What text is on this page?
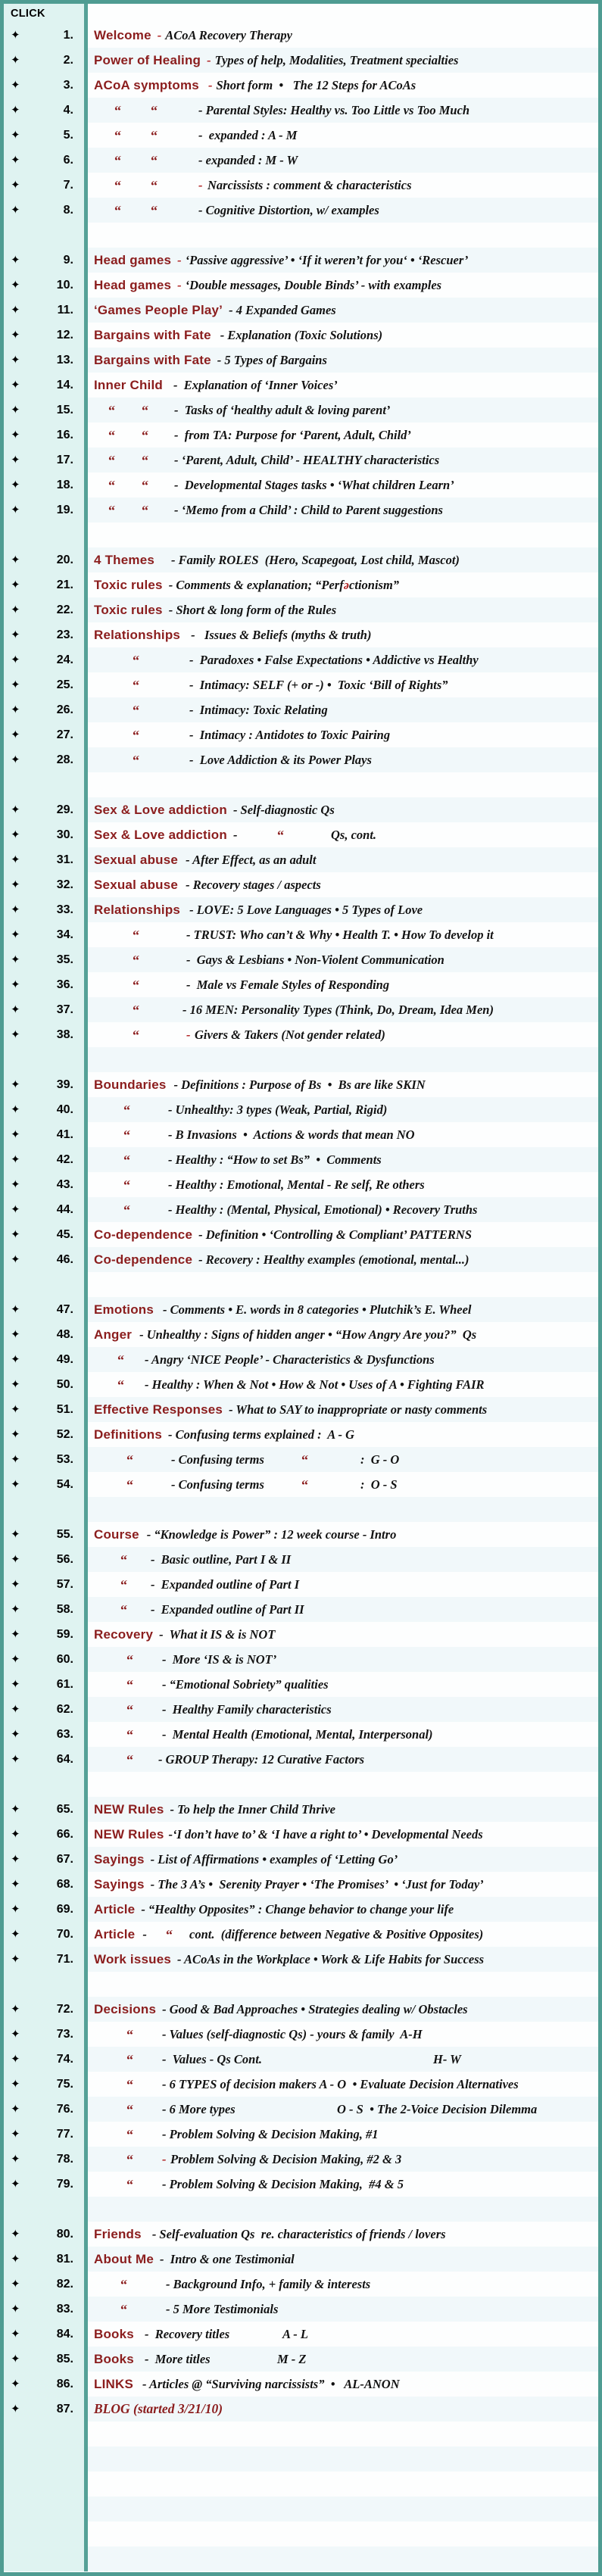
CLICK
✦	1. Welcome - ACoA Recovery Therapy
✦	2. Power of Healing - Types of help, Modalities, Treatment specialties
✦	3. ACoA symptoms - Short form  •   The 12 Steps for ACoAs
✦	4.	“ “	- Parental Styles: Healthy vs. Too Little vs Too Much
✦	5.	“ “	-  expanded : A - M
✦	6.	“ “	- expanded : M - W
✦	7.	“ “	- Narcissists : comment & characteristics
✦	8.	“ “	- Cognitive Distortion, w/ examples
✦	9. Head games - ‘Passive aggressive’ • ‘If it weren’t for you‘ • ‘Rescuer’
✦	10. Head games - ‘Double messages, Double Binds’ - with examples
✦	11. ‘Games People Play’ - 4 Expanded Games
✦	12. Bargains with Fate - Explanation (Toxic Solutions)
✦	13. Bargains with Fate - 5 Types of Bargains
✦	14. Inner Child -  Explanation of ‘Inner Voices’
✦	15.	“ “ -  Tasks of ‘healthy adult & loving parent’
✦	16.	“ “ -  from TA: Purpose for ‘Parent, Adult, Child’
✦	17.	“ “ - ‘Parent, Adult, Child’ - HEALTHY characteristics
✦	18.	“ “ -  Developmental Stages tasks • ‘What children Learn’
✦	19.	“ “ - ‘Memo from a Child’ : Child to Parent suggestions
✦	20. 4 Themes - Family ROLES  (Hero, Scapegoat, Lost child, Mascot)
✦	21. Toxic rules - Comments & explanation; “Perf ǝ ctionism”
✦	22. Toxic rules - Short & long form of the Rules
✦	23. Relationships -   Issues & Beliefs (myths & truth)
✦	24.	“	-  Paradoxes • False Expectations • Addictive vs Healthy
✦	25.	“	-  Intimacy: SELF (+ or -) •  Toxic ‘Bill of Rights”
✦	26.	“	-  Intimacy: Toxic Relating
✦	27.	“	-  Intimacy : Antidotes to Toxic Pairing
✦	28.	“	-  Love Addiction & its Power Plays
✦	29. Sex & Love addiction - Self-diagnostic Qs
✦	30. Sex & Love addiction -	“	Qs, cont.
✦	31. Sexual abuse - After Effect, as an adult
✦	32. Sexual abuse - Recovery stages / aspects
✦	33. Relationships - LOVE: 5 Love Languages • 5 Types of Love
✦	34.	“	- TRUST: Who can’t & Why • Health T. • How To develop it
✦	35.	“	-  Gays & Lesbians • Non-Violent Communication
✦	36.	“	-  Male vs Female Styles of Responding
✦	37.	“	- 16 MEN: Personality Types (Think, Do, Dream, Idea Men)
✦	38.	“	- Givers & Takers (Not gender related)
✦	39. Boundaries - Definitions : Purpose of Bs  •  Bs are like SKIN
✦	40.	“	- Unhealthy: 3 types (Weak, Partial, Rigid)
✦	41.	“	- B Invasions  •  Actions & words that mean NO
✦	42.	“	- Healthy : “How to set Bs”  •  Comments
✦	43.	“	- Healthy : Emotional, Mental - Re self, Re others
✦	44.	“	- Healthy : (Mental, Physical, Emotional) • Recovery Truths
✦	45. Co-dependence - Definition • ‘Controlling & Compliant’ PATTERNS
✦	46. Co-dependence - Recovery : Healthy examples (emotional, mental...)
✦	47. Emotions - Comments • E. words in 8 categories • Plutchik’s E. Wheel
✦	48. Anger - Unhealthy : Signs of hidden anger • “How Angry Are you?”  Qs
✦	49.	“ - Angry ‘NICE People’ - Characteristics & Dysfunctions
✦	50.	“ - Healthy : When & Not • How & Not • Uses of A • Fighting FAIR
✦	51. Effective Responses - What to SAY to inappropriate or nasty comments
✦	52. Definitions - Confusing terms explained :  A - G
✦	53.	“	- Confusing terms	“	:  G - O
✦	54.	“	- Confusing terms	“	:  O - S
✦	55. Course - “Knowledge is Power” : 12 week course - Intro
✦	56.	“ -  Basic outline, Part I & II
✦	57.	“ -  Expanded outline of Part I
✦	58.	“ -  Expanded outline of Part II
✦	59. Recovery -  What it IS & is NOT
✦	60.	“ -  More ‘IS & is NOT’
✦	61.	“ - “Emotional Sobriety” qualities
✦	62.	“ -  Healthy Family characteristics
✦	63.	“ -  Mental Health (Emotional, Mental, Interpersonal)
✦	64.	“ - GROUP Therapy: 12 Curative Factors
✦	65. NEW Rules - To help the Inner Child Thrive
✦	66. NEW Rules -‘I don’t have to’ & ‘I have a right to’ • Developmental Needs
✦	67. Sayings - List of Affirmations • examples of ‘Letting Go’
✦	68. Sayings - The 3 A’s •  Serenity Prayer • ‘The Promises’  • ‘Just for Today’
✦	69. Article - “Healthy Opposites” : Change behavior to change your life
✦	70. Article - “ cont.  (difference between Negative & Positive Opposites)
✦	71. Work issues - ACoAs in the Workplace • Work & Life Habits for Success
✦	72. Decisions - Good & Bad Approaches • Strategies dealing w/ Obstacles
✦	73.	“ - Values (self-diagnostic Qs) - yours & family  A-H
✦	74.	“ -  Values - Qs Cont.	H- W
✦	75.	“ - 6 TYPES of decision makers A - O  • Evaluate Decision Alternatives
✦	76.	“ - 6 More types	O - S  • The 2-Voice Decision Dilemma
✦	77.	“ - Problem Solving & Decision Making, #1
✦	78.	“ - Problem Solving & Decision Making, #2 & 3
✦	79.	“ - Problem Solving & Decision Making,  #4 & 5
✦	80. Friends - Self-evaluation Qs  re. characteristics of friends / lovers
✦	81. About Me -  Intro & one Testimonial
✦	82.	“	- Background Info, + family & interests
✦	83.	“	- 5 More Testimonials
✦	84. Books -  Recovery titles	A - L
✦	85. Books -  More titles	M - Z
✦	86. LINKS - Articles @ “Surviving narcissists”  •   AL-ANON
✦	87. BLOG (started 3/21/10)
